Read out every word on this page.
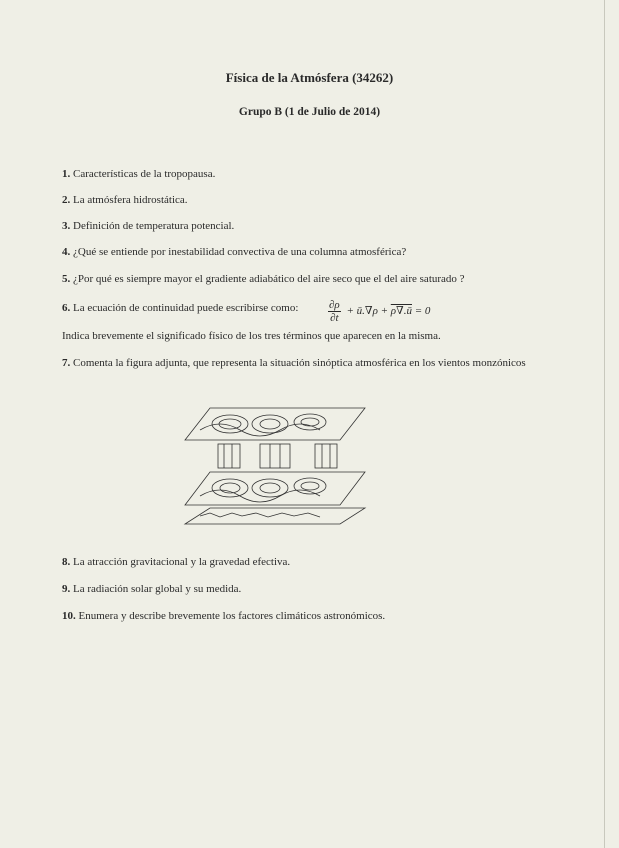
Física de la Atmósfera (34262)
Grupo B (1 de Julio de 2014)
1. Características de la tropopausa.
2. La atmósfera hidrostática.
3. Definición de temperatura potencial.
4. ¿Qué se entiende por inestabilidad convectiva de una columna atmosférica?
5. ¿Por qué es siempre mayor el gradiente adiabático del aire seco que el del aire saturado ?
6. La ecuación de continuidad puede escribirse como:	$\frac{\partial\rho}{\partial t}$ + ū.∇ρ + ρ∇.ū = 0
Indica brevemente el significado físico de los tres términos que aparecen en la misma.
7. Comenta la figura adjunta, que representa la situación sinóptica atmosférica en los vientos monzónicos
8. La atracción gravitacional y la gravedad efectiva.
9. La radiación solar global y su medida.
10. Enumera y describe brevemente los factores climáticos astronómicos.
